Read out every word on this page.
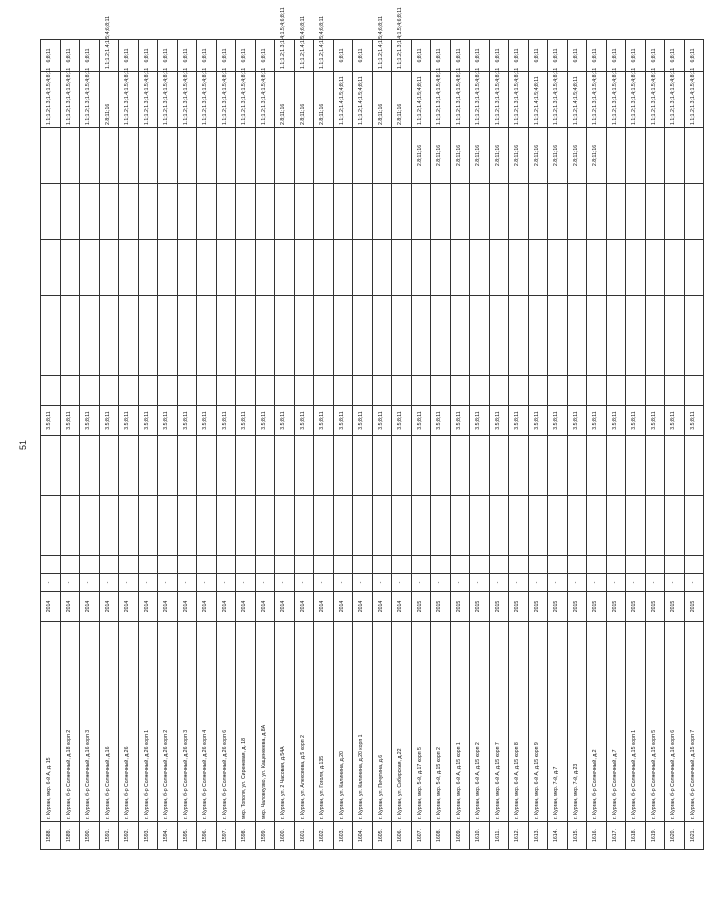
51
1588.	г. Курган, мкр. 6-й А, д. 15	2014	-				3.5;8;11						1.1;1.2;1.3;1.4;1.5;4;8;11	6;8;11
1589.	г. Курган, б-р Солнечный, д.18 корп 2	2014	-				3.5;8;11						1.1;1.2;1.3;1.4;1.5;4;8;11	6;8;11
1590.	г. Курган, б-р Солнечный, д.16 корп 3	2014	-				3.5;8;11						1.1;1.2;1.3;1.4;1.5;4;8;11	6;8;11
1591.	г. Курган, б-р Солнечный, д.16	2014	-				3.5;8;11						2.8;11;16	1.1;1.2;1.4;1.5;4;6;8;11
1592.	г. Курган, б-р Солнечный, д.26	2014	-				3.5;8;11						1.1;1.2;1.3;1.4;1.5;4;8;11	6;8;11
1593.	г. Курган, б-р Солнечный, д.26 корп 1	2014	-				3.5;8;11						1.1;1.2;1.3;1.4;1.5;4;8;11	6;8;11
1594.	г. Курган, б-р Солнечный, д.26 корп 2	2014	-				3.5;8;11						1.1;1.2;1.3;1.4;1.5;4;8;11	6;8;11
1595.	г. Курган, б-р Солнечный, д.26 корп 3	2014	-				3.5;8;11						1.1;1.2;1.3;1.4;1.5;4;8;11	6;8;11
1596.	г. Курган, б-р Солнечный, д.26 корп 4	2014	-				3.5;8;11						1.1;1.2;1.3;1.4;1.5;4;8;11	6;8;11
1597.	г. Курган, б-р Солнечный, д.26 корп 6	2014	-				3.5;8;11						1.1;1.2;1.3;1.4;1.5;4;8;11	6;8;11
1598.	мкр. Тополя, ул. Сиреневая, д. 18	2014	-				3.5;8;11						1.1;1.2;1.3;1.4;1.5;4;8;11	6;8;11
1599.	мкр. Чаловкузво, ул. Кащенкеева, д.8А	2014	-				3.5;8;11						1.1;1.2;1.3;1.4;1.5;4;8;11	6;8;11
1600.	г. Курган, ул. 2 Часовая, д.54А	2014	-				3.5;8;11						2.8;11;16	1.1;1.2;1.3;1.4;1.5;4;6;8;11
1601.	г. Курган, ул. Алексеева, д.5 корп 2	2014	-				3.5;8;11						2.8;11;16	1.1;1.2;1.4;1.5;4;6;8;11
1602.	г. Курган, ул. Гоголя, д.135	2014	-				3.5;8;11						2.8;11;16	1.1;1.2;1.4;1.5;4;6;8;11
1603.	г. Курган, ул. Калинина, д.20	2014	-				3.5;8;11						1.1;1.2;1.4;1.5;4;8;11	6;8;11
1604.	г. Курган, ул. Калинина, д.20 корп 1	2014	-				3.5;8;11						1.1;1.2;1.4;1.5;4;8;11	6;8;11
1605.	г. Курган, ул. Пичугина, д.6	2014	-				3.5;8;11						2.8;11;16	1.1;1.2;1.4;1.5;4;6;8;11
1606.	г. Курган, ул. Сибирская, д.22	2014	-				3.5;8;11						2.8;11;16	1.1;1.2;1.3;1.4;1.5;4;6;8;11
1607.	г. Курган, мкр. 5-й, д.17 корп 5	2015	-				3.5;8;11					2.8;11;16	1.1;1.2;1.4;1.5;4;8;11	6;8;11
1608.	г. Курган, мкр. 5-й, д.15 корп 2	2015	-				3.5;8;11					2.8;11;16	1.1;1.2;1.3;1.4;1.5;4;8;11	6;8;11
1609.	г. Курган, мкр. 6-й А, д.15 корп 1	2015	-				3.5;8;11					2.8;11;16	1.1;1.2;1.3;1.4;1.5;4;8;11	6;8;11
1610.	г. Курган, мкр. 6-й А, д.15 корп 2	2015	-				3.5;8;11					2.8;11;16	1.1;1.2;1.3;1.4;1.5;4;8;11	6;8;11
1611.	г. Курган, мкр. 6-й А, д.15 корп 7	2015	-				3.5;8;11					2.8;11;16	1.1;1.2;1.3;1.4;1.5;4;8;11	6;8;11
1612.	г. Курган, мкр. 6-й А, д.15 корп 8	2015	-				3.5;8;11					2.8;11;16	1.1;1.2;1.3;1.4;1.5;4;8;11	6;8;11
1613.	г. Курган, мкр. 6-й А, д.15 корп 9	2015	-				3.5;8;11					2.8;11;16	1.1;1.2;1.4;1.5;4;8;11	6;8;11
1614.	г. Курган, мкр. 7-й, д.7	2015	-				3.5;8;11					2.8;11;16	1.1;1.2;1.3;1.4;1.5;4;8;11	6;8;11
1615.	г. Курган, мкр. 7-й, д.23	2015	-				3.5;8;11					2.8;11;16	1.1;1.2;1.4;1.5;4;8;11	6;8;11
1616.	г. Курган, б-р Солнечный, д.2	2015	-				3.5;8;11					2.8;11;16	1.1;1.2;1.3;1.4;1.5;4;8;11	6;8;11
1617.	г. Курган, б-р Солнечный, д.7	2015	-				3.5;8;11						1.1;1.2;1.3;1.4;1.5;4;8;11	6;8;11
1618.	г. Курган, б-р Солнечный, д.15 корп 1	2015	-				3.5;8;11						1.1;1.2;1.3;1.4;1.5;4;8;11	6;8;11
1619.	г. Курган, б-р Солнечный, д.15 корп 5	2015	-				3.5;8;11						1.1;1.2;1.3;1.4;1.5;4;8;11	6;8;11
1620.	г. Курган, б-р Солнечный, д.16 корп 6	2015	-				3.5;8;11						1.1;1.2;1.3;1.4;1.5;4;8;11	6;8;11
1621.	г. Курган, б-р Солнечный, д.15 корп 7	2015	-				3.5;8;11						1.1;1.2;1.3;1.4;1.5;4;8;11	6;8;11
